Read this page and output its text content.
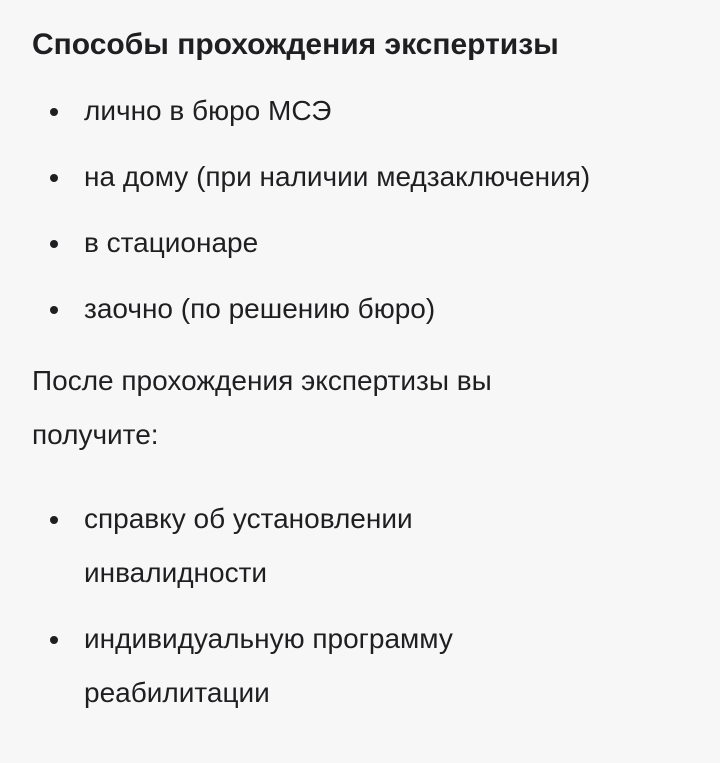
Способы прохождения экспертизы
лично в бюро МСЭ
на дому (при наличии медзаключения)
в стационаре
заочно (по решению бюро)

После прохождения экспертизы вы получите:

справку об установлении инвалидности
индивидуальную программу реабилитации
